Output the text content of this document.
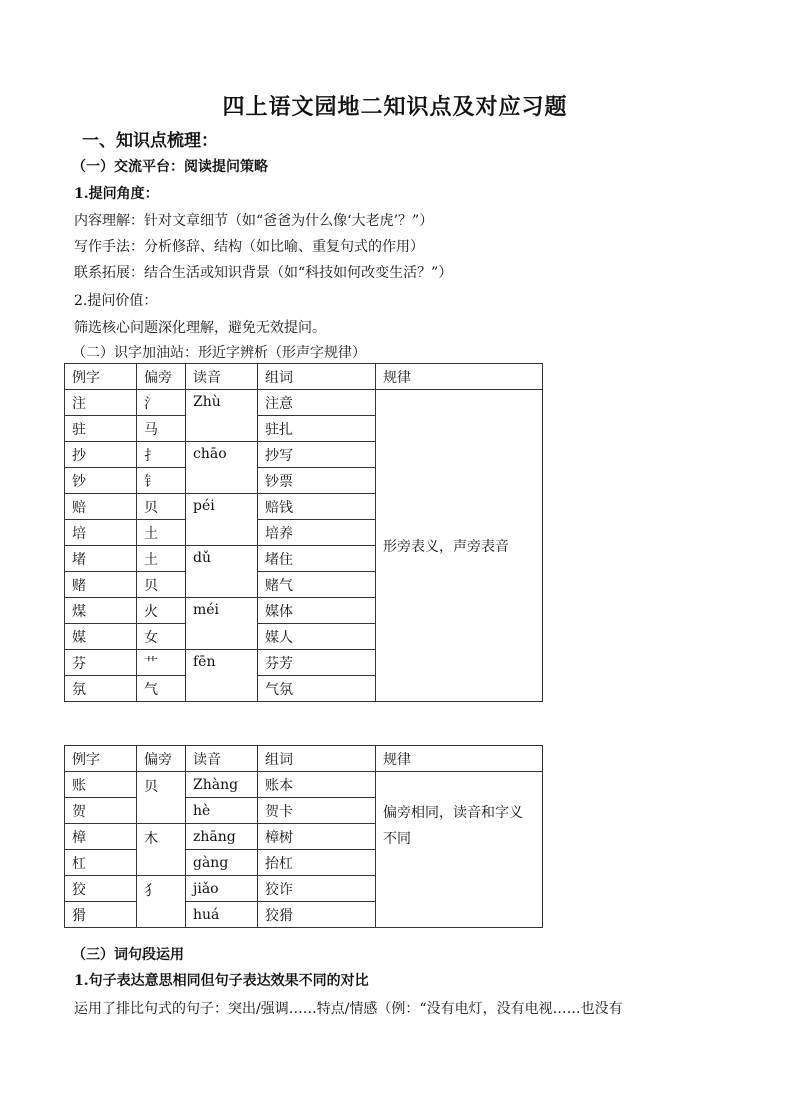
四上语文园地二知识点及对应习题
一、知识点梳理：
（一）交流平台：阅读提问策略
1.提问角度：
内容理解：针对文章细节（如“爸爸为什么像‘大老虎’？”）
写作手法：分析修辞、结构（如比喻、重复句式的作用）
联系拓展：结合生活或知识背景（如“科技如何改变生活？”）
2.提问价值：
筛选核心问题深化理解，避免无效提问。
（二）识字加油站：形近字辨析（形声字规律）
例字	偏旁	读音	组词	规律
注	氵	Zhù	注意	形旁表义，声旁表音
驻	马		驻扎	
抄	扌	chāo	抄写	
钞	钅		钞票	
赔	贝	péi	赔钱	
培	土		培养	
堵	土	dǔ	堵住	
赌	贝		赌气	
煤	火	méi	媒体	
媒	女		媒人	
芬	艹	fēn	芬芳	
氛	气		气氛	
例字	偏旁	读音	组词	规律
账	贝	Zhàng	账本	偏旁相同，读音和字义不同
贺		hè	贺卡	
樟	木	zhāng	樟树	
杠		gàng	抬杠	
狡	犭	jiǎo	狡诈	
猾		huá	狡猾	
（三）词句段运用
1.句子表达意思相同但句子表达效果不同的对比
运用了排比句式的句子：突出/强调……特点/情感（例：“没有电灯，没有电视……也没有
